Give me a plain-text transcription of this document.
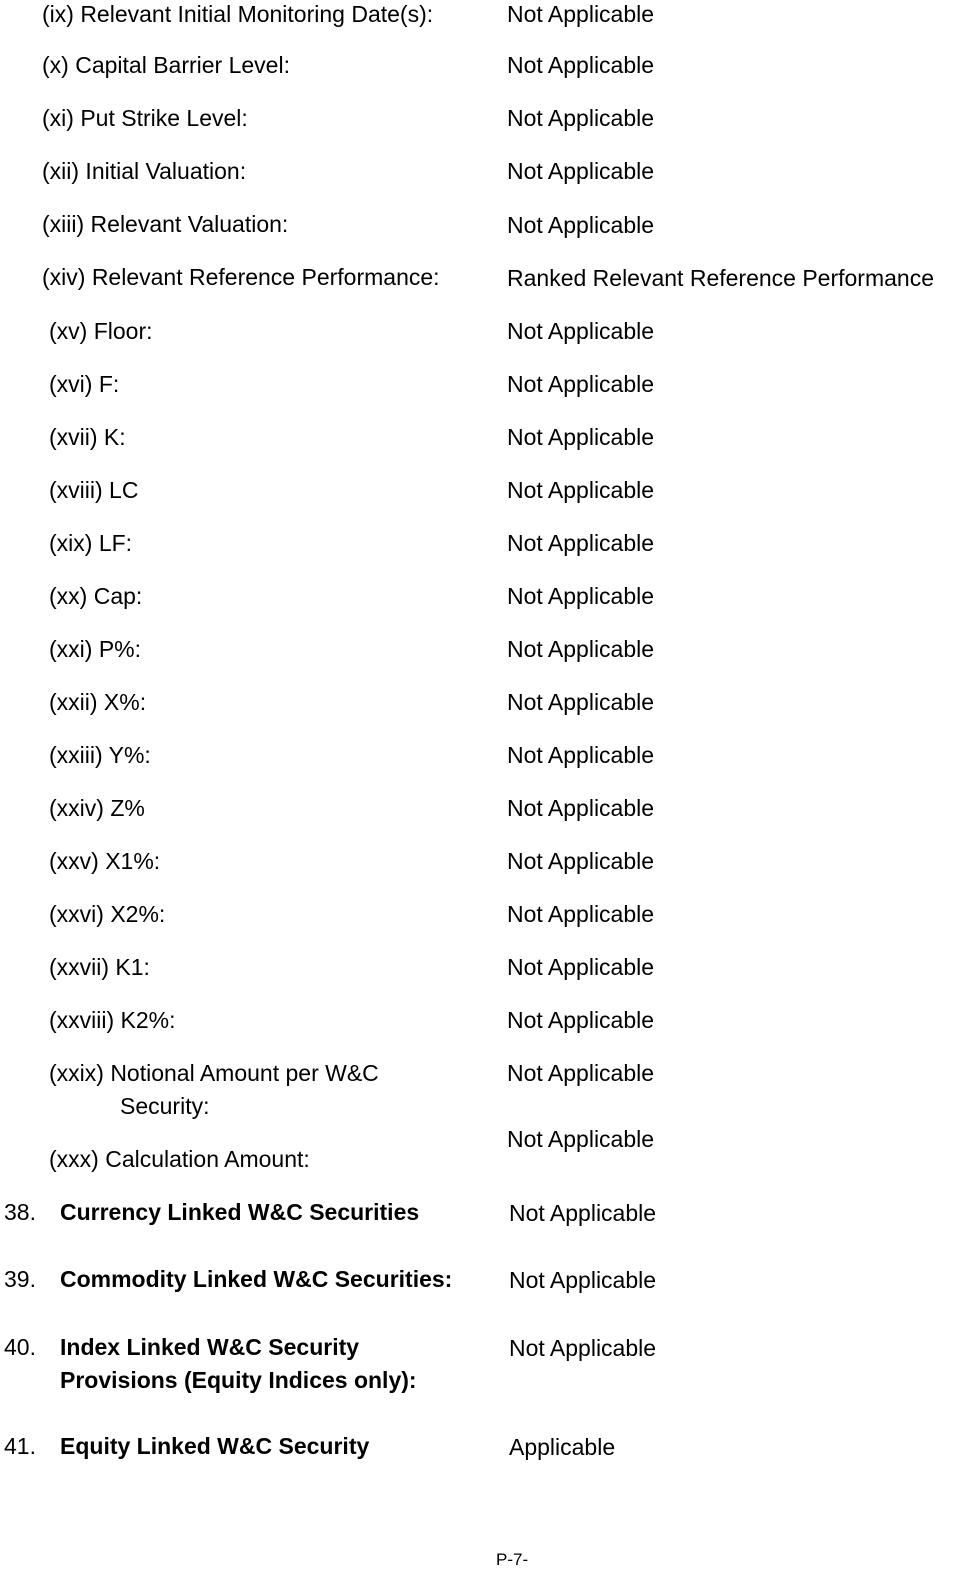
(ix) Relevant Initial Monitoring Date(s):	Not Applicable
(x) Capital Barrier Level:	Not Applicable
(xi) Put Strike Level:	Not Applicable
(xii) Initial Valuation:	Not Applicable
(xiii) Relevant Valuation:	Not Applicable
(xiv) Relevant Reference Performance:	Ranked Relevant Reference Performance
(xv) Floor:	Not Applicable
(xvi) F:	Not Applicable
(xvii) K:	Not Applicable
(xviii) LC	Not Applicable
(xix) LF:	Not Applicable
(xx) Cap:	Not Applicable
(xxi) P%:	Not Applicable
(xxii) X%:	Not Applicable
(xxiii) Y%:	Not Applicable
(xxiv) Z%	Not Applicable
(xxv) X1%:	Not Applicable
(xxvi) X2%:	Not Applicable
(xxvii) K1:	Not Applicable
(xxviii) K2%:	Not Applicable
(xxix) Notional Amount per W&C
Security:
Not Applicable
(xxx) Calculation Amount:
Not Applicable
38. Currency Linked W&C Securities	Not Applicable
39. Commodity Linked W&C Securities: Not Applicable
40. Index Linked W&C Security
Provisions (Equity Indices only):
Not Applicable
41. Equity Linked W&C Security	Applicable
P-7-
